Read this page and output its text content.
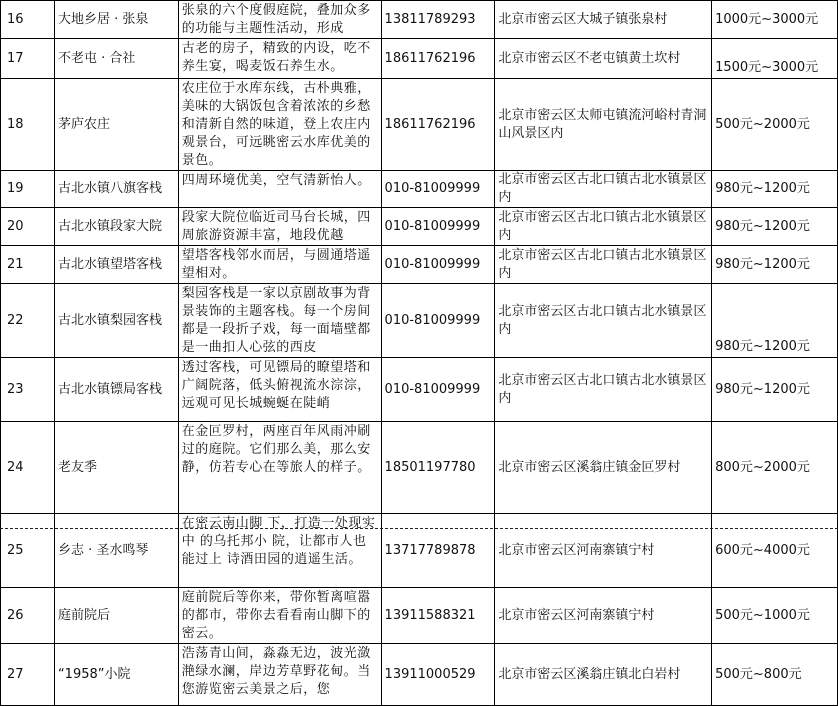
16	大地乡居 · 张泉	张泉的六个度假庭院，叠加众多的功能与主题性活动，形成	13811789293	北京市密云区大城子镇张泉村	1000元~3000元
17	不老屯 · 合社	古老的房子，精致的内设，吃不养生宴，喝麦饭石养生水。	18611762196	北京市密云区不老屯镇黄土坎村	1500元~3000元
18	茅庐农庄	农庄位于水库东线，古朴典雅，美味的大锅饭包含着浓浓的乡愁和清新自然的味道，登上农庄内观景台，可远眺密云水库优美的景色。	18611762196	北京市密云区太师屯镇流河峪村青洞山风景区内	500元~2000元
19	古北水镇八旗客栈	四周环境优美，空气清新怡人。	010-81009999	北京市密云区古北口镇古北水镇景区内	980元~1200元
20	古北水镇段家大院	段家大院位临近司马台长城，四周旅游资源丰富，地段优越	010-81009999	北京市密云区古北口镇古北水镇景区内	980元~1200元
21	古北水镇望塔客栈	望塔客栈邻水而居，与圆通塔遥望相对。	010-81009999	北京市密云区古北口镇古北水镇景区内	980元~1200元
22	古北水镇梨园客栈	梨园客栈是一家以京剧故事为背景装饰的主题客栈。每一个房间都是一段折子戏，每一面墙壁都是一曲扣人心弦的西皮	010-81009999	北京市密云区古北口镇古北水镇景区内	980元~1200元
23	古北水镇镖局客栈	透过客栈，可见镖局的瞭望塔和广阔院落，低头俯视流水淙淙，远观可见长城蜿蜒在陡峭	010-81009999	北京市密云区古北口镇古北水镇景区内	980元~1200元
24	老友季	在金叵罗村，两座百年风雨冲刷过的庭院。它们那么美，那么安静，仿若专心在等旅人的样子。	18501197780	北京市密云区溪翁庄镇金叵罗村	800元~2000元
25	乡志 · 圣水鸣琴	在密云南山脚 下，打造一处现实中 的乌托邦小 院，让都市人也能过上 诗酒田园的逍遥生活。	13717789878	北京市密云区河南寨镇宁村	600元~4000元
26	庭前院后	庭前院后等你来，带你暂离喧嚣的都市，带你去看看南山脚下的密云。	13911588321	北京市密云区河南寨镇宁村	500元~1000元
27	“1958”小院	浩荡青山间，淼淼无边，波光潋滟绿水澜，岸边芳草野花甸。当您游览密云美景之后，您	13911000529	北京市密云区溪翁庄镇北白岩村	500元~800元
